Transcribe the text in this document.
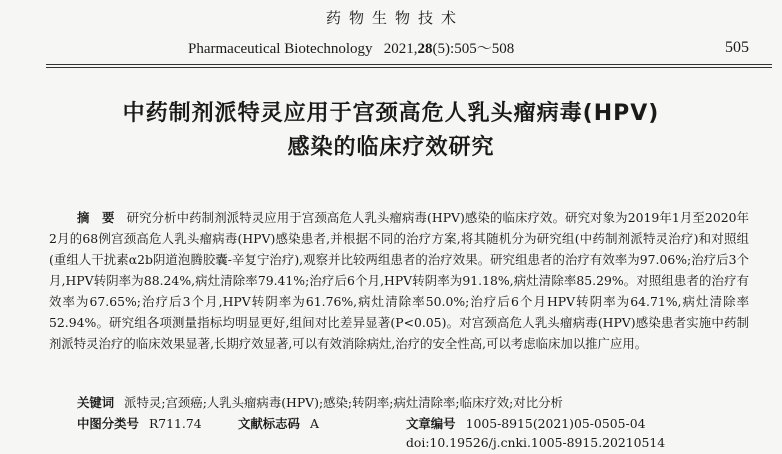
药物生物技术
Pharmaceutical Biotechnology 2021,28(5):505～508	505
中药制剂派特灵应用于宫颈高危人乳头瘤病毒(HPV)
感染的临床疗效研究
摘　要 研究分析中药制剂派特灵应用于宫颈高危人乳头瘤病毒(HPV)感染的临床疗效。研究对象为2019年1月至2020年2月的68例宫颈高危人乳头瘤病毒(HPV)感染患者,并根据不同的治疗方案,将其随机分为研究组(中药制剂派特灵治疗)和对照组(重组人干扰素α2b阴道泡腾胶囊-辛复宁治疗),观察并比较两组患者的治疗效果。研究组患者的治疗有效率为97.06%;治疗后3个月,HPV转阴率为88.24%,病灶清除率79.41%;治疗后6个月,HPV转阴率为91.18%,病灶清除率85.29%。对照组患者的治疗有效率为67.65%;治疗后3个月,HPV转阴率为61.76%,病灶清除率50.0%;治疗后6个月HPV转阴率为64.71%,病灶清除率52.94%。研究组各项测量指标均明显更好,组间对比差异显著(P<0.05)。对宫颈高危人乳头瘤病毒(HPV)感染患者实施中药制剂派特灵治疗的临床效果显著,长期疗效显著,可以有效消除病灶,治疗的安全性高,可以考虑临床加以推广应用。
关键词 派特灵;宫颈癌;人乳头瘤病毒(HPV);感染;转阴率;病灶清除率;临床疗效;对比分析
中图分类号 R711.74	文献标志码 A	文章编号 1005-8915(2021)05-0505-04
doi:10.19526/j.cnki.1005-8915.20210514
